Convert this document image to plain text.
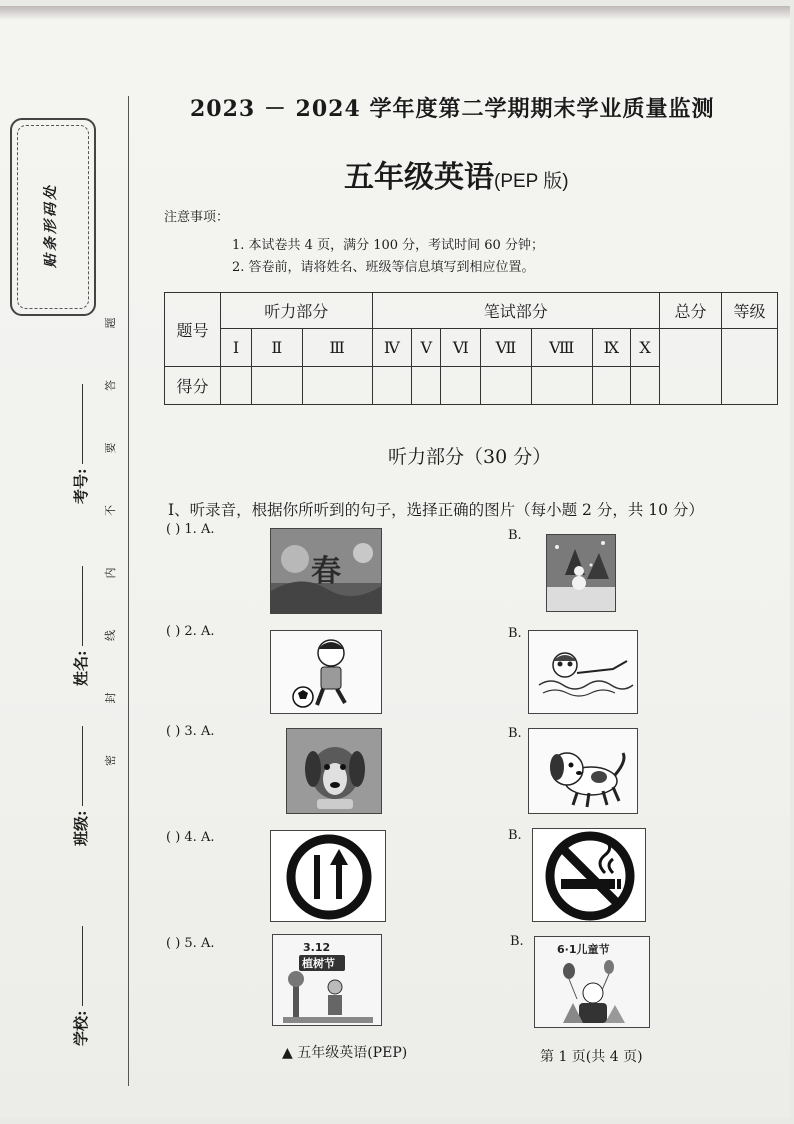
贴条形码处
学校:
班级:
姓名:
考号: 密 封 线 内 不 要 答 题
2023 － 2024 学年度第二学期期末学业质量监测
五年级英语(PEP 版)
注意事项：
1. 本试卷共 4 页，满分 100 分，考试时间 60 分钟；
2. 答卷前，请将姓名、班级等信息填写到相应位置。
题号	听力部分			笔试部分							总分	等级
	Ⅰ	Ⅱ	Ⅲ	Ⅳ	Ⅴ	Ⅵ	Ⅶ	Ⅷ	Ⅸ	Ⅹ		
得分												
听力部分（30 分）
Ⅰ、听录音，根据你所听到的句子，选择正确的图片（每小题 2 分，共 10 分）
( ) 1. A.
春
B.
( ) 2. A.	B.
( ) 3. A.	B.
( ) 4. A.	B.
( ) 5. A.	3.12
植树节
B.
6·1儿童节
▲ 五年级英语(PEP)	第 1 页(共 4 页)
